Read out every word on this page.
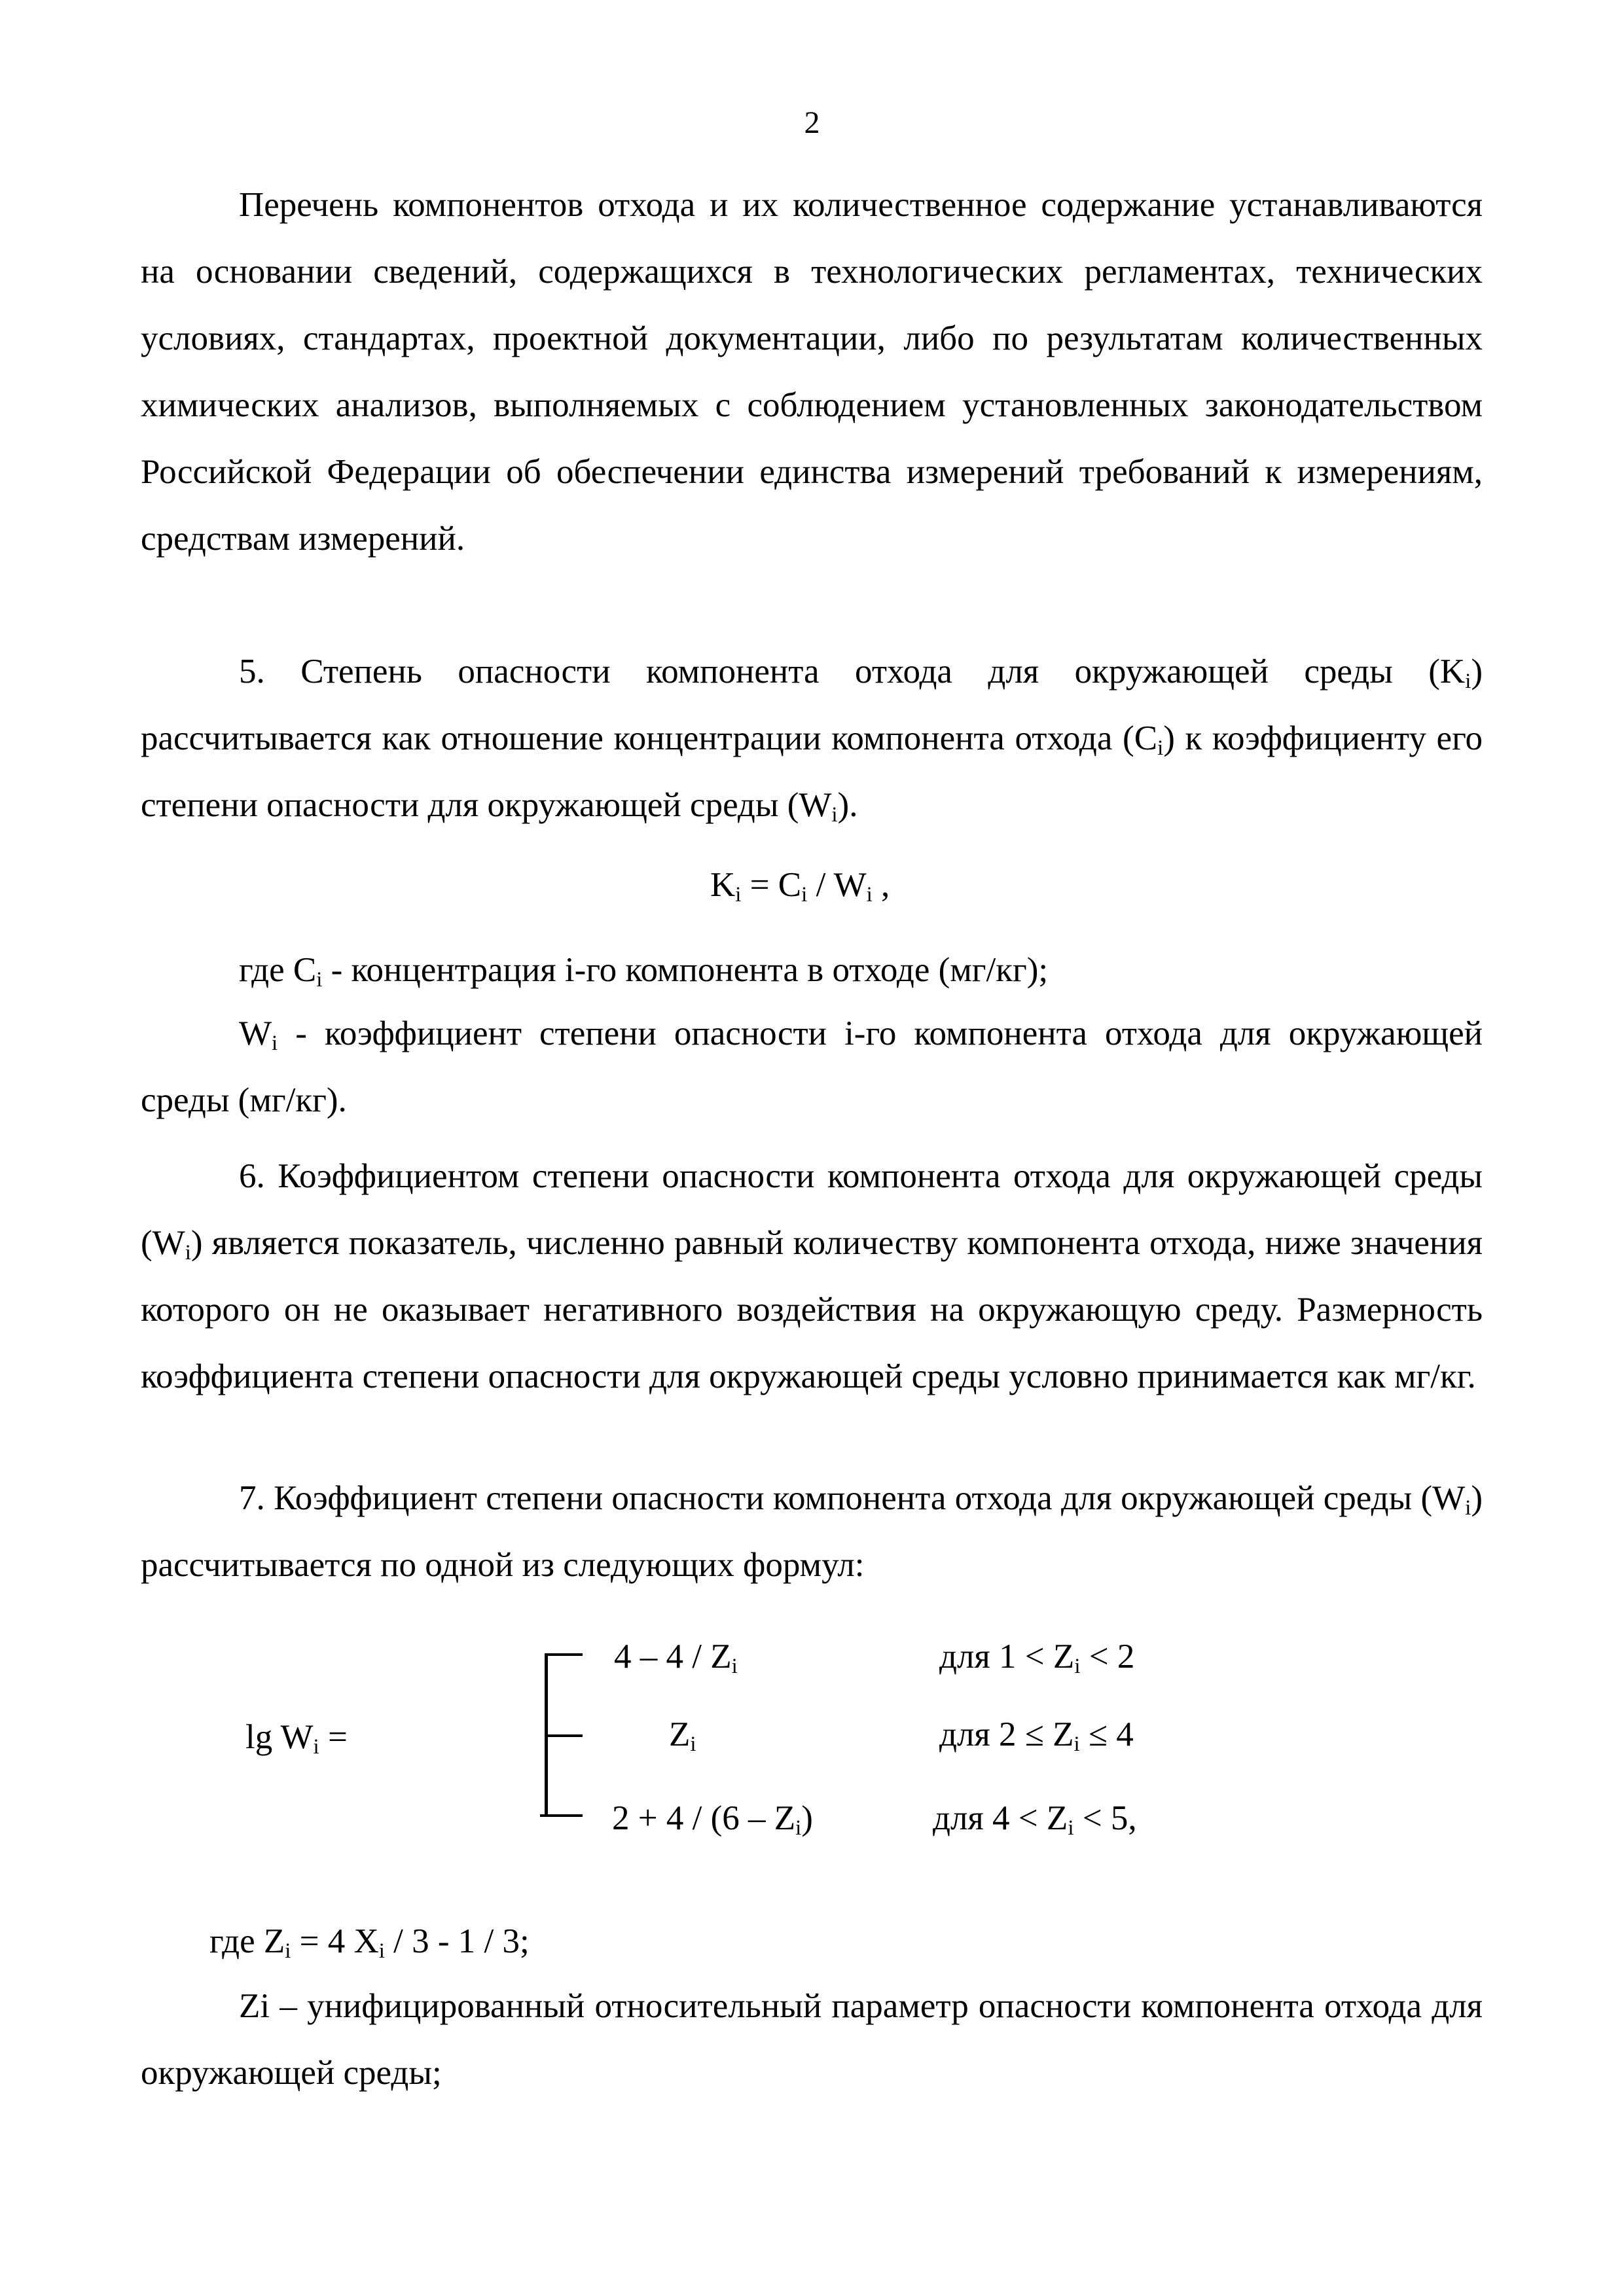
2

Перечень компонентов отхода и их количественное содержание устанавливаются на основании сведений, содержащихся в технологических регламентах, технических условиях, стандартах, проектной документации, либо по результатам количественных химических анализов, выполняемых с соблюдением установленных законодательством Российской Федерации об обеспечении единства измерений требований к измерениям, средствам измерений.

5. Степень опасности компонента отхода для окружающей среды $(K_i)$ рассчитывается как отношение концентрации компонента отхода $(C_i)$ к коэффициенту его степени опасности для окружающей среды $(W_i)$.

$K_i = C_i / W_i$ ,
где $C_i$ - концентрация i-го компонента в отходе (мг/кг);

$W_i$ - коэффициент степени опасности i-го компонента отхода для окружающей среды (мг/кг).

6. Коэффициентом степени опасности компонента отхода для окружающей среды $(W_i)$ является показатель, численно равный количеству компонента отхода, ниже значения которого он не оказывает негативного воздействия на окружающую среду. Размерность коэффициента степени опасности для окружающей среды условно принимается как мг/кг.

7. Коэффициент степени опасности компонента отхода для окружающей среды $(W_i)$ рассчитывается по одной из следующих формул:

$\lg W_i$ =
$4 - 4 / Z_i$	для $1 < Z_i < 2$
$Z_i$	для $2 \le Z_i \le 4$
$2 + 4 / (6 - Z_i)$	для $4 < Z_i < 5$,
где $Z_i = 4$ $X_i / 3 - 1 / 3$;

Zi – унифицированный относительный параметр опасности компонента отхода для окружающей среды;
